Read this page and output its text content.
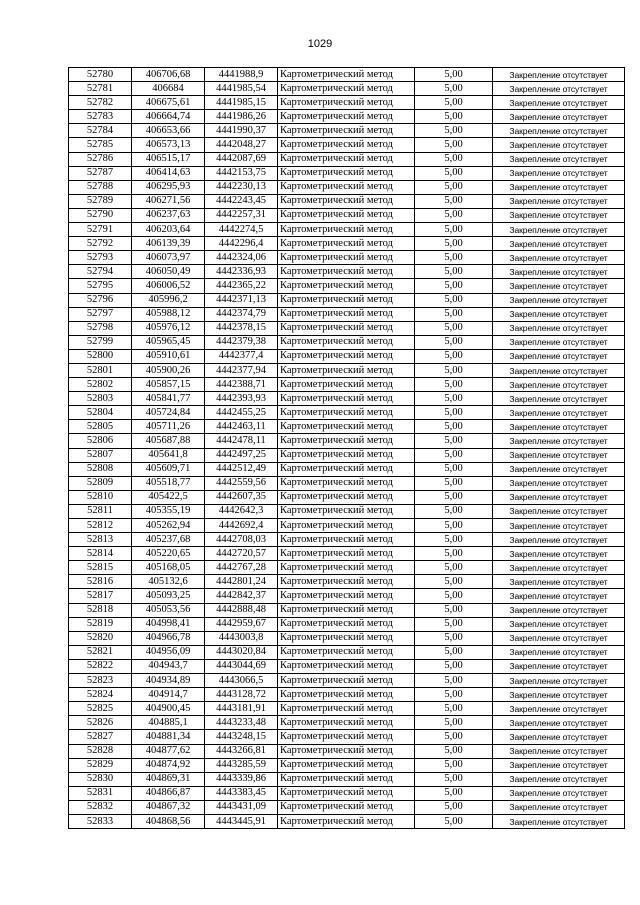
1029
52780	406706,68	4441988,9	Картометрический метод	5,00	Закрепление отсутствует
52781	406684	4441985,54	Картометрический метод	5,00	Закрепление отсутствует
52782	406675,61	4441985,15	Картометрический метод	5,00	Закрепление отсутствует
52783	406664,74	4441986,26	Картометрический метод	5,00	Закрепление отсутствует
52784	406653,66	4441990,37	Картометрический метод	5,00	Закрепление отсутствует
52785	406573,13	4442048,27	Картометрический метод	5,00	Закрепление отсутствует
52786	406515,17	4442087,69	Картометрический метод	5,00	Закрепление отсутствует
52787	406414,63	4442153,75	Картометрический метод	5,00	Закрепление отсутствует
52788	406295,93	4442230,13	Картометрический метод	5,00	Закрепление отсутствует
52789	406271,56	4442243,45	Картометрический метод	5,00	Закрепление отсутствует
52790	406237,63	4442257,31	Картометрический метод	5,00	Закрепление отсутствует
52791	406203,64	4442274,5	Картометрический метод	5,00	Закрепление отсутствует
52792	406139,39	4442296,4	Картометрический метод	5,00	Закрепление отсутствует
52793	406073,97	4442324,06	Картометрический метод	5,00	Закрепление отсутствует
52794	406050,49	4442336,93	Картометрический метод	5,00	Закрепление отсутствует
52795	406006,52	4442365,22	Картометрический метод	5,00	Закрепление отсутствует
52796	405996,2	4442371,13	Картометрический метод	5,00	Закрепление отсутствует
52797	405988,12	4442374,79	Картометрический метод	5,00	Закрепление отсутствует
52798	405976,12	4442378,15	Картометрический метод	5,00	Закрепление отсутствует
52799	405965,45	4442379,38	Картометрический метод	5,00	Закрепление отсутствует
52800	405910,61	4442377,4	Картометрический метод	5,00	Закрепление отсутствует
52801	405900,26	4442377,94	Картометрический метод	5,00	Закрепление отсутствует
52802	405857,15	4442388,71	Картометрический метод	5,00	Закрепление отсутствует
52803	405841,77	4442393,93	Картометрический метод	5,00	Закрепление отсутствует
52804	405724,84	4442455,25	Картометрический метод	5,00	Закрепление отсутствует
52805	405711,26	4442463,11	Картометрический метод	5,00	Закрепление отсутствует
52806	405687,88	4442478,11	Картометрический метод	5,00	Закрепление отсутствует
52807	405641,8	4442497,25	Картометрический метод	5,00	Закрепление отсутствует
52808	405609,71	4442512,49	Картометрический метод	5,00	Закрепление отсутствует
52809	405518,77	4442559,56	Картометрический метод	5,00	Закрепление отсутствует
52810	405422,5	4442607,35	Картометрический метод	5,00	Закрепление отсутствует
52811	405355,19	4442642,3	Картометрический метод	5,00	Закрепление отсутствует
52812	405262,94	4442692,4	Картометрический метод	5,00	Закрепление отсутствует
52813	405237,68	4442708,03	Картометрический метод	5,00	Закрепление отсутствует
52814	405220,65	4442720,57	Картометрический метод	5,00	Закрепление отсутствует
52815	405168,05	4442767,28	Картометрический метод	5,00	Закрепление отсутствует
52816	405132,6	4442801,24	Картометрический метод	5,00	Закрепление отсутствует
52817	405093,25	4442842,37	Картометрический метод	5,00	Закрепление отсутствует
52818	405053,56	4442888,48	Картометрический метод	5,00	Закрепление отсутствует
52819	404998,41	4442959,67	Картометрический метод	5,00	Закрепление отсутствует
52820	404966,78	4443003,8	Картометрический метод	5,00	Закрепление отсутствует
52821	404956,09	4443020,84	Картометрический метод	5,00	Закрепление отсутствует
52822	404943,7	4443044,69	Картометрический метод	5,00	Закрепление отсутствует
52823	404934,89	4443066,5	Картометрический метод	5,00	Закрепление отсутствует
52824	404914,7	4443128,72	Картометрический метод	5,00	Закрепление отсутствует
52825	404900,45	4443181,91	Картометрический метод	5,00	Закрепление отсутствует
52826	404885,1	4443233,48	Картометрический метод	5,00	Закрепление отсутствует
52827	404881,34	4443248,15	Картометрический метод	5,00	Закрепление отсутствует
52828	404877,62	4443266,81	Картометрический метод	5,00	Закрепление отсутствует
52829	404874,92	4443285,59	Картометрический метод	5,00	Закрепление отсутствует
52830	404869,31	4443339,86	Картометрический метод	5,00	Закрепление отсутствует
52831	404866,87	4443383,45	Картометрический метод	5,00	Закрепление отсутствует
52832	404867,32	4443431,09	Картометрический метод	5,00	Закрепление отсутствует
52833	404868,56	4443445,91	Картометрический метод	5,00	Закрепление отсутствует
